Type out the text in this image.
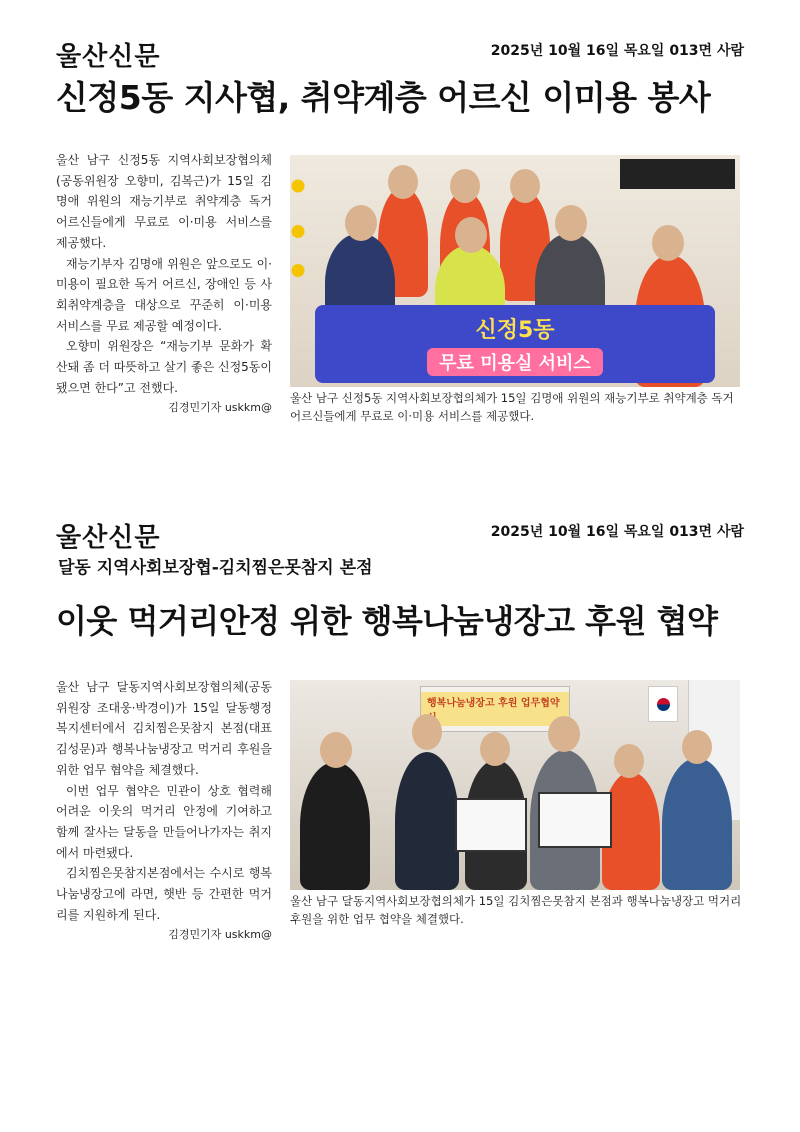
울산신문	2025년 10월 16일 목요일 013면 사람
신정5동 지사협, 취약계층 어르신 이미용 봉사

울산 남구 신정5동 지역사회보장협의체(공동위원장 오향미, 김복근)가 15일 김명애 위원의 재능기부로 취약계층 독거 어르신들에게 무료로 이·미용 서비스를 제공했다.

재능기부자 김명애 위원은 앞으로도 이·미용이 필요한 독거 어르신, 장애인 등 사회취약계층을 대상으로 꾸준히 이·미용 서비스를 무료 제공할 예정이다.

오향미 위원장은 “재능기부 문화가 확산돼 좀 더 따뜻하고 살기 좋은 신정5동이 됐으면 한다”고 전했다.

김경민기자 uskkm@
신정5동
무료 미용실 서비스
울산 남구 신정5동 지역사회보장협의체가 15일 김명애 위원의 재능기부로 취약계층 독거 어르신들에게 무료로 이·미용 서비스를 제공했다.
울산신문	2025년 10월 16일 목요일 013면 사람
달동 지역사회보장협-김치찜은못참지 본점
이웃 먹거리안정 위한 행복나눔냉장고 후원 협약

울산 남구 달동지역사회보장협의체(공동위원장 조대웅·박경이)가 15일 달동행정복지센터에서 김치찜은못참지 본점(대표 김성문)과 행복나눔냉장고 먹거리 후원을 위한 업무 협약을 체결했다.

이번 업무 협약은 민관이 상호 협력해 어려운 이웃의 먹거리 안정에 기여하고 함께 잘사는 달동을 만들어나가자는 취지에서 마련됐다.

김치찜은못참지본점에서는 수시로 행복나눔냉장고에 라면, 햇반 등 간편한 먹거리를 지원하게 된다.

김경민기자 uskkm@
행복나눔냉장고 후원 업무협약
울산 남구 달동지역사회보장협의체가 15일 김치찜은못참지 본점과 행복나눔냉장고 먹거리 후원을 위한 업무 협약을 체결했다.
